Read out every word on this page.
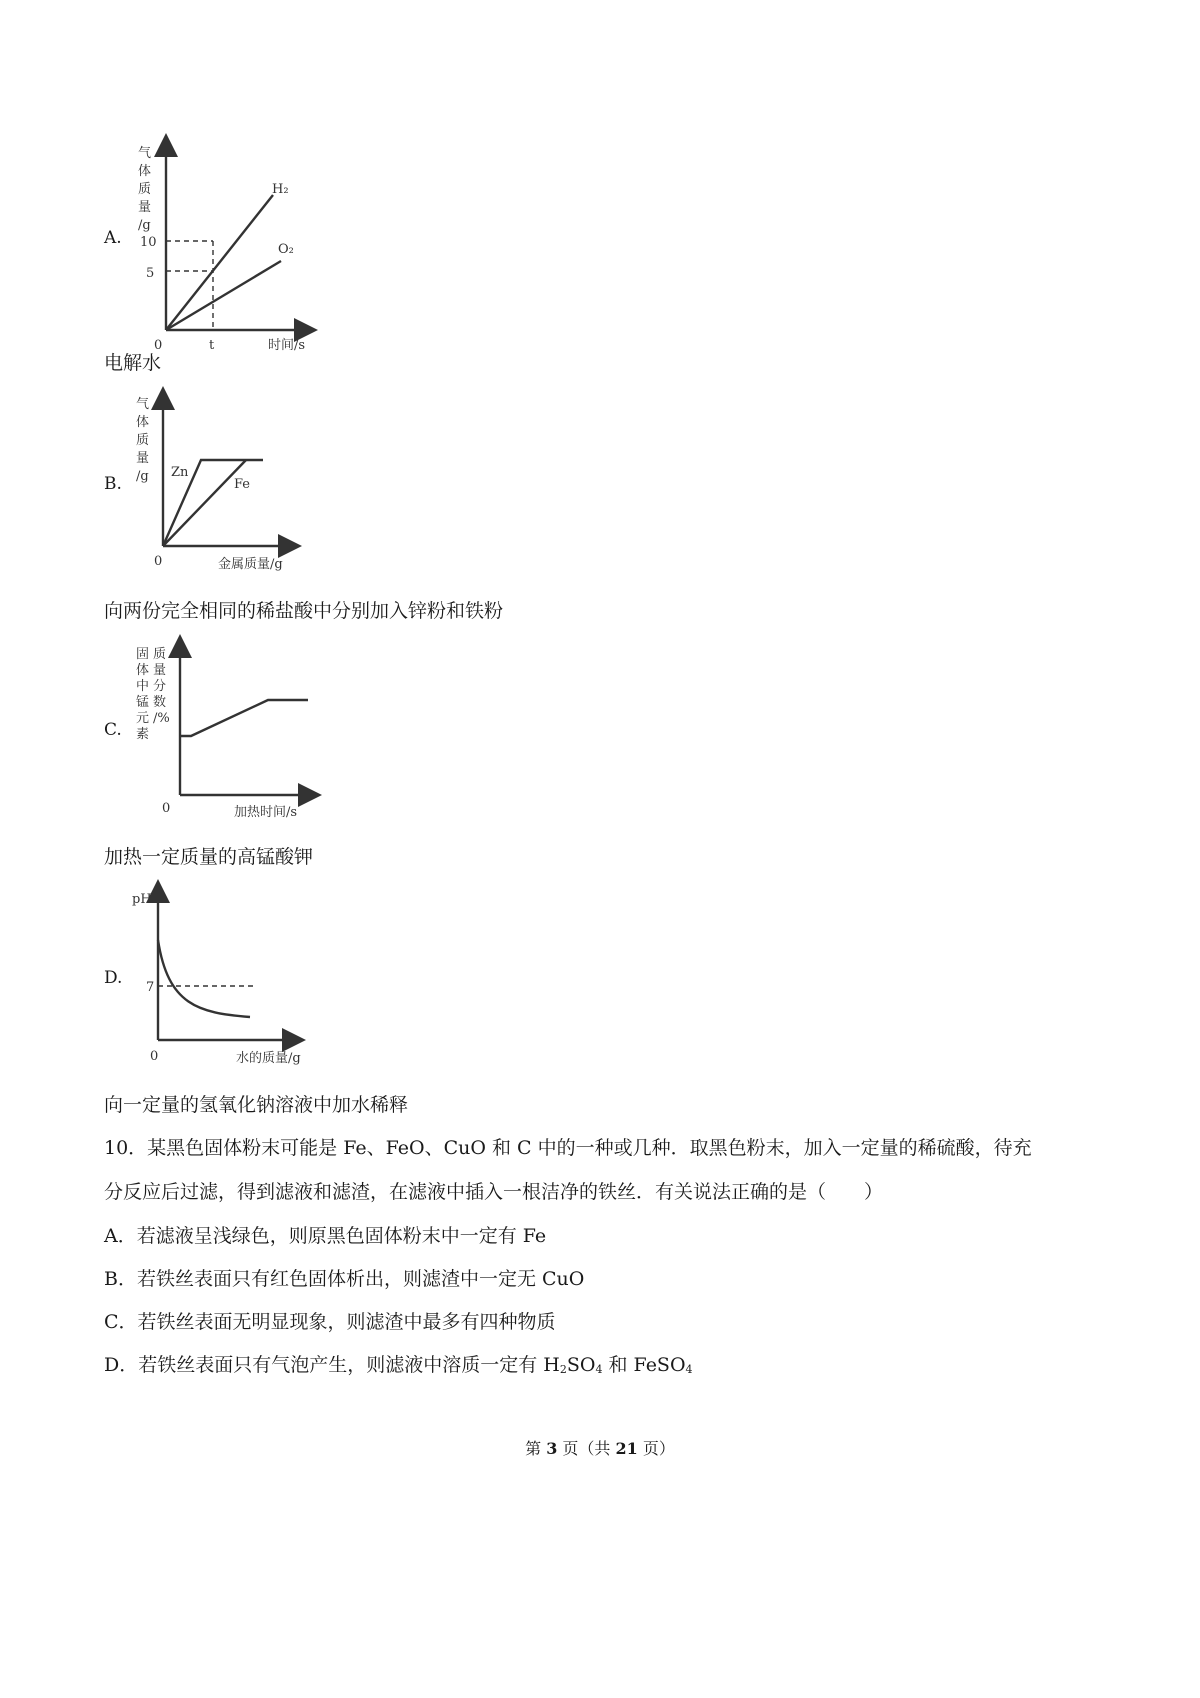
A.
气
体
质
量
/g
10
5
0	t	时间/s
H₂
O₂
电解水
B.
气
体
质
量
/g
0	金属质量/g
Zn
Fe
向两份完全相同的稀盐酸中分别加入锌粉和铁粉
C.
固
体
中
锰
元
素
质
量
分
数
/%
0	加热时间/s
加热一定质量的高锰酸钾
D.
pH
7
0	水的质量/g
向一定量的氢氧化钠溶液中加水稀释
10．某黑色固体粉末可能是 Fe、FeO、CuO 和 C 中的一种或几种．取黑色粉末，加入一定量的稀硫酸，待充
分反应后过滤，得到滤液和滤渣，在滤液中插入一根洁净的铁丝．有关说法正确的是（　　）
A．若滤液呈浅绿色，则原黑色固体粉末中一定有 Fe
B．若铁丝表面只有红色固体析出，则滤渣中一定无 CuO
C．若铁丝表面无明显现象，则滤渣中最多有四种物质
D．若铁丝表面只有气泡产生，则滤液中溶质一定有 $H_2SO_4$ 和 FeSO$_4$
第 3 页（共 21 页）
